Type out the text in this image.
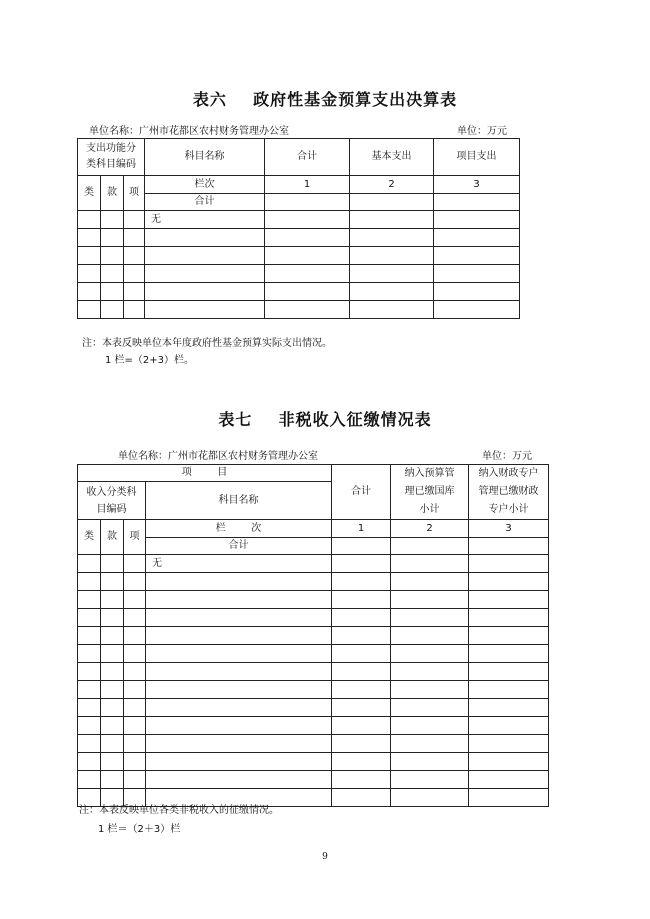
表六    政府性基金预算支出决算表
单位名称：广州市花都区农村财务管理办公室	单位：万元
支出功能分类科目编码			科目名称	合计	基本支出	项目支出

类	款	项	栏次	1	2	3
			合计			
			无			

注：本表反映单位本年度政府性基金预算实际支出情况。
1 栏=（2+3）栏。
表七    非税收入征缴情况表
单位名称：广州市花都区农村财务管理办公室	单位：万元
项        目				合计	纳入预算管理已缴国库小计	纳入财政专户管理已缴财政专户小计
收入分类科目编码			科目名称			

类	款	项	栏        次	1	2	3
			合计			
			无			

注：本表反映单位各类非税收入的征缴情况。
1 栏＝（2＋3）栏
9
